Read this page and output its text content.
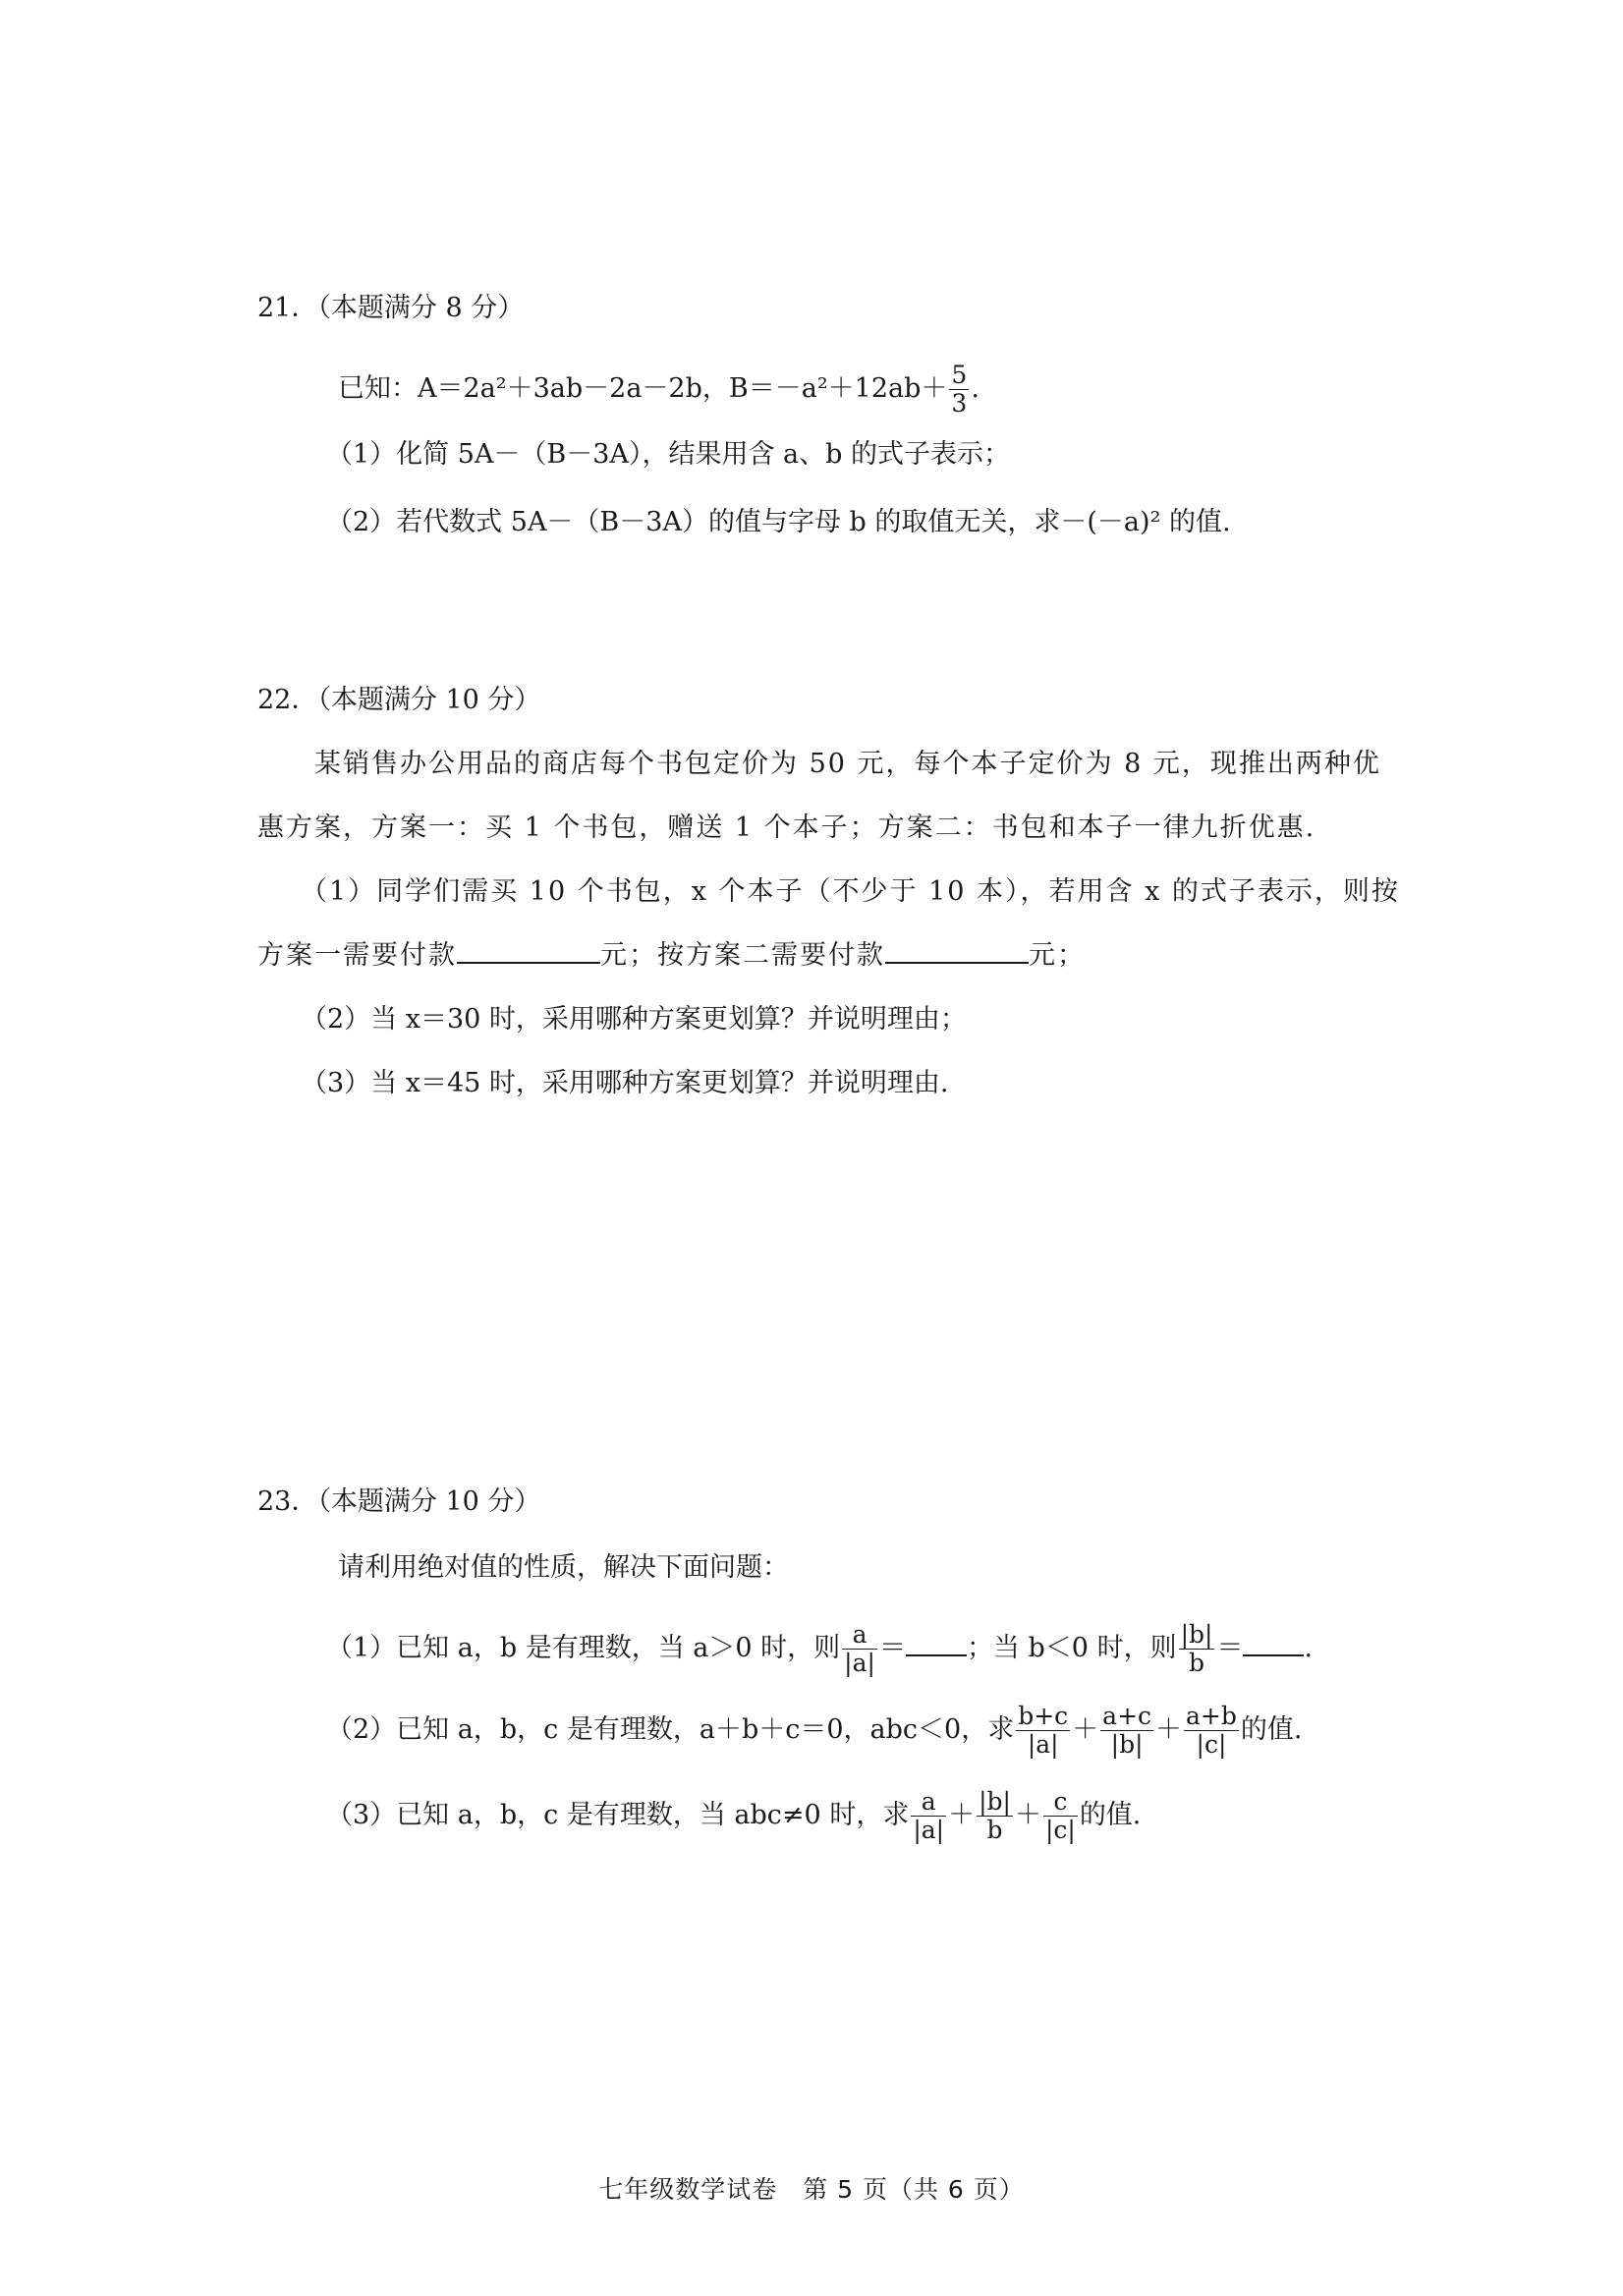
21．（本题满分 8 分）
已知：A＝2a²＋3ab－2a－2b，$B=-a^2+12ab+ \frac{5}{3}$ .
（1）化简 5A－（B－3A），结果用含 a、b 的式子表示；
（2）若代数式 5A－（B－3A）的值与字母 b 的取值无关，求－(－a)² 的值.
22．（本题满分 10 分）
某销售办公用品的商店每个书包定价为 50 元，每个本子定价为 8 元，现推出两种优
惠方案，方案一：买 1 个书包，赠送 1 个本子；方案二：书包和本子一律九折优惠.
（1）同学们需买 10 个书包，x 个本子（不少于 10 本），若用含 x 的式子表示，则按
方案一需要付款	元；按方案二需要付款	元；
（2）当 x＝30 时，采用哪种方案更划算？并说明理由；
（3）当 x＝45 时，采用哪种方案更划算？并说明理由.
23．（本题满分 10 分）
请利用绝对值的性质，解决下面问题：
（1）已知 a，b 是有理数，当 a＞0 时，则 $\frac{a}{|a|}$ ＝ ；当 b＜0 时，则 $\frac{|b|}{b}$ ＝ .
（2）已知 a，b，c 是有理数，a＋b＋c＝0，abc＜0，求 $\frac{b+c}{|a|} + \frac{a+c}{|b|} + \frac{a+b}{|c|}$ 的值.
（3）已知 a，b，c 是有理数，当 abc≠0 时，求 $\frac{a}{|a|} + \frac{|b|}{b} + \frac{c}{|c|}$ 的值.
七年级数学试卷　第 5 页（共 6 页）
